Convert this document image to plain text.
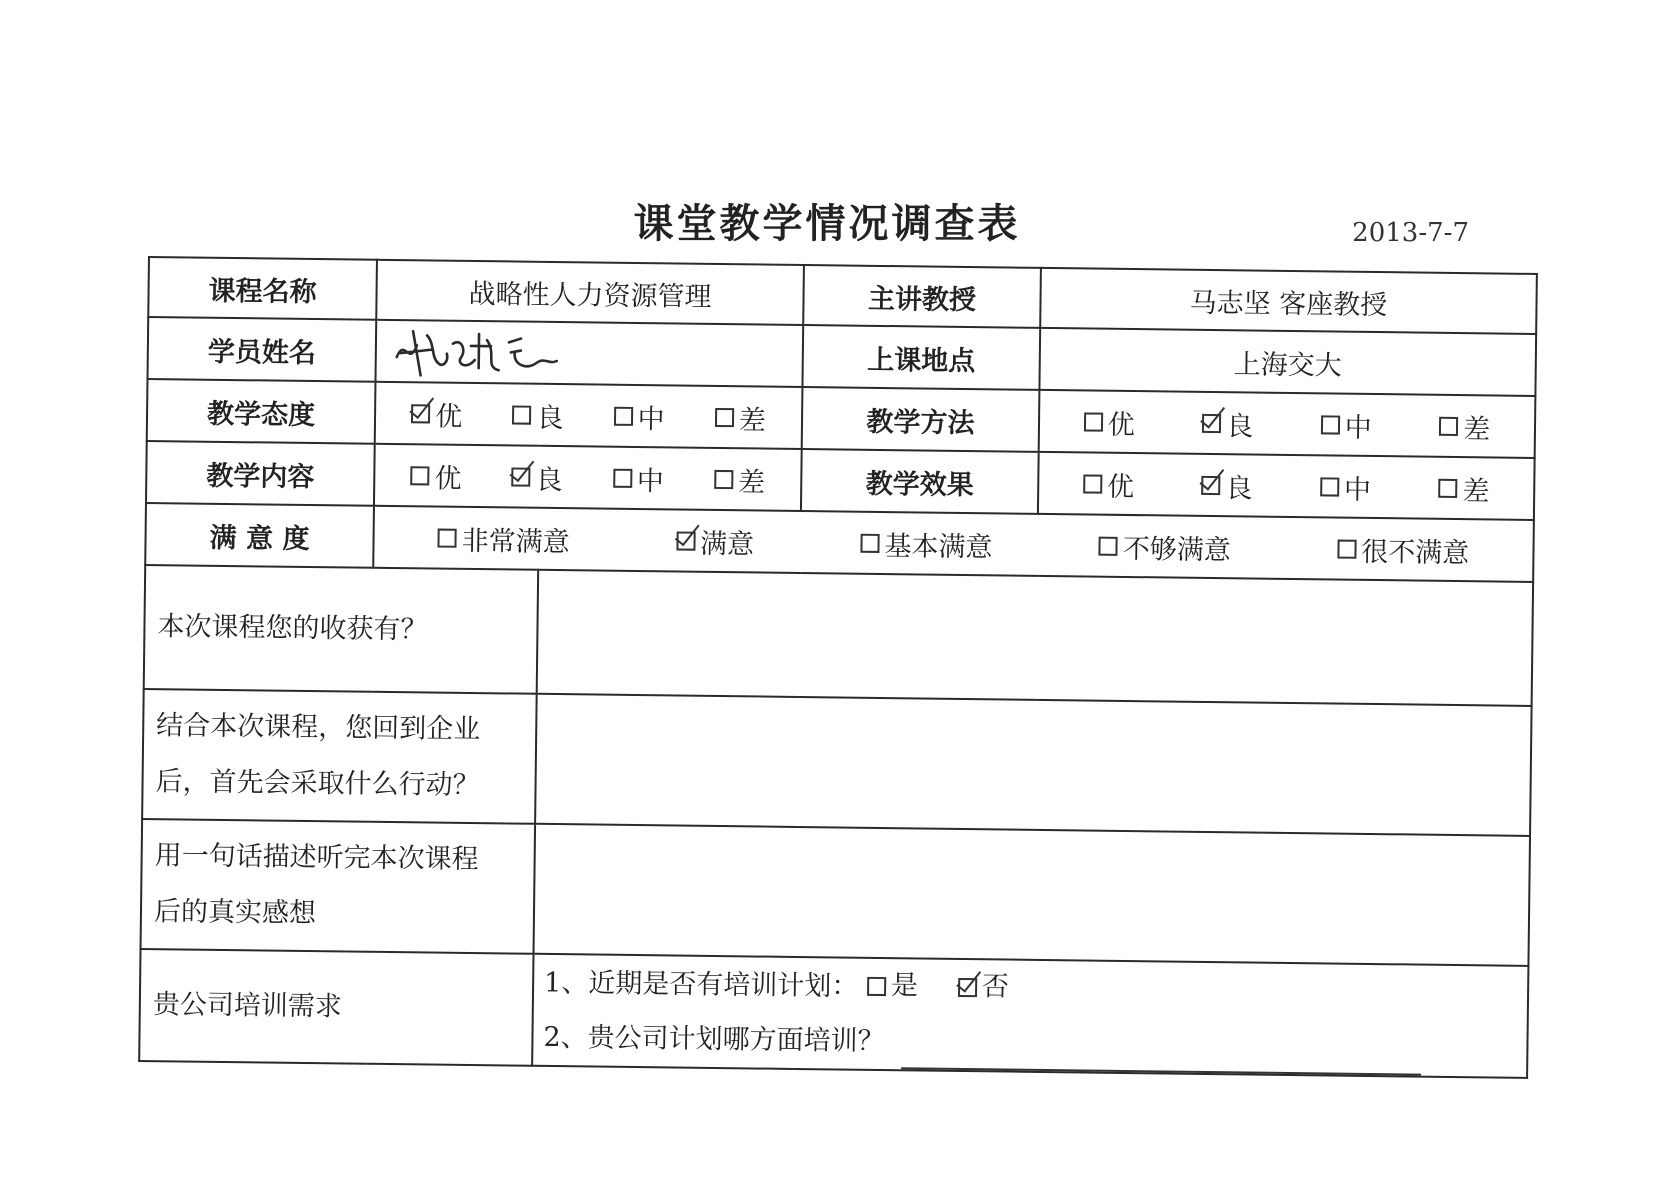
课堂教学情况调查表	2013-7-7
课程名称	战略性人力资源管理		主讲教授	马志坚 客座教授
学员姓名			上课地点	上海交大
教学态度	优 良 中 差		教学方法	优 良 中 差

教学内容	优 良 中 差		教学效果	优 良 中 差

满 意 度	非常满意 满意 基本满意 不够满意 很不满意			

本次课程您的收获有？				

结合本次课程，您回到企业
后，首先会采取什么行动？				

用一句话描述听完本次课程
后的真实感想				

贵公司培训需求		1、近期是否有培训计划： 是 否
2、贵公司计划哪方面培训？		
